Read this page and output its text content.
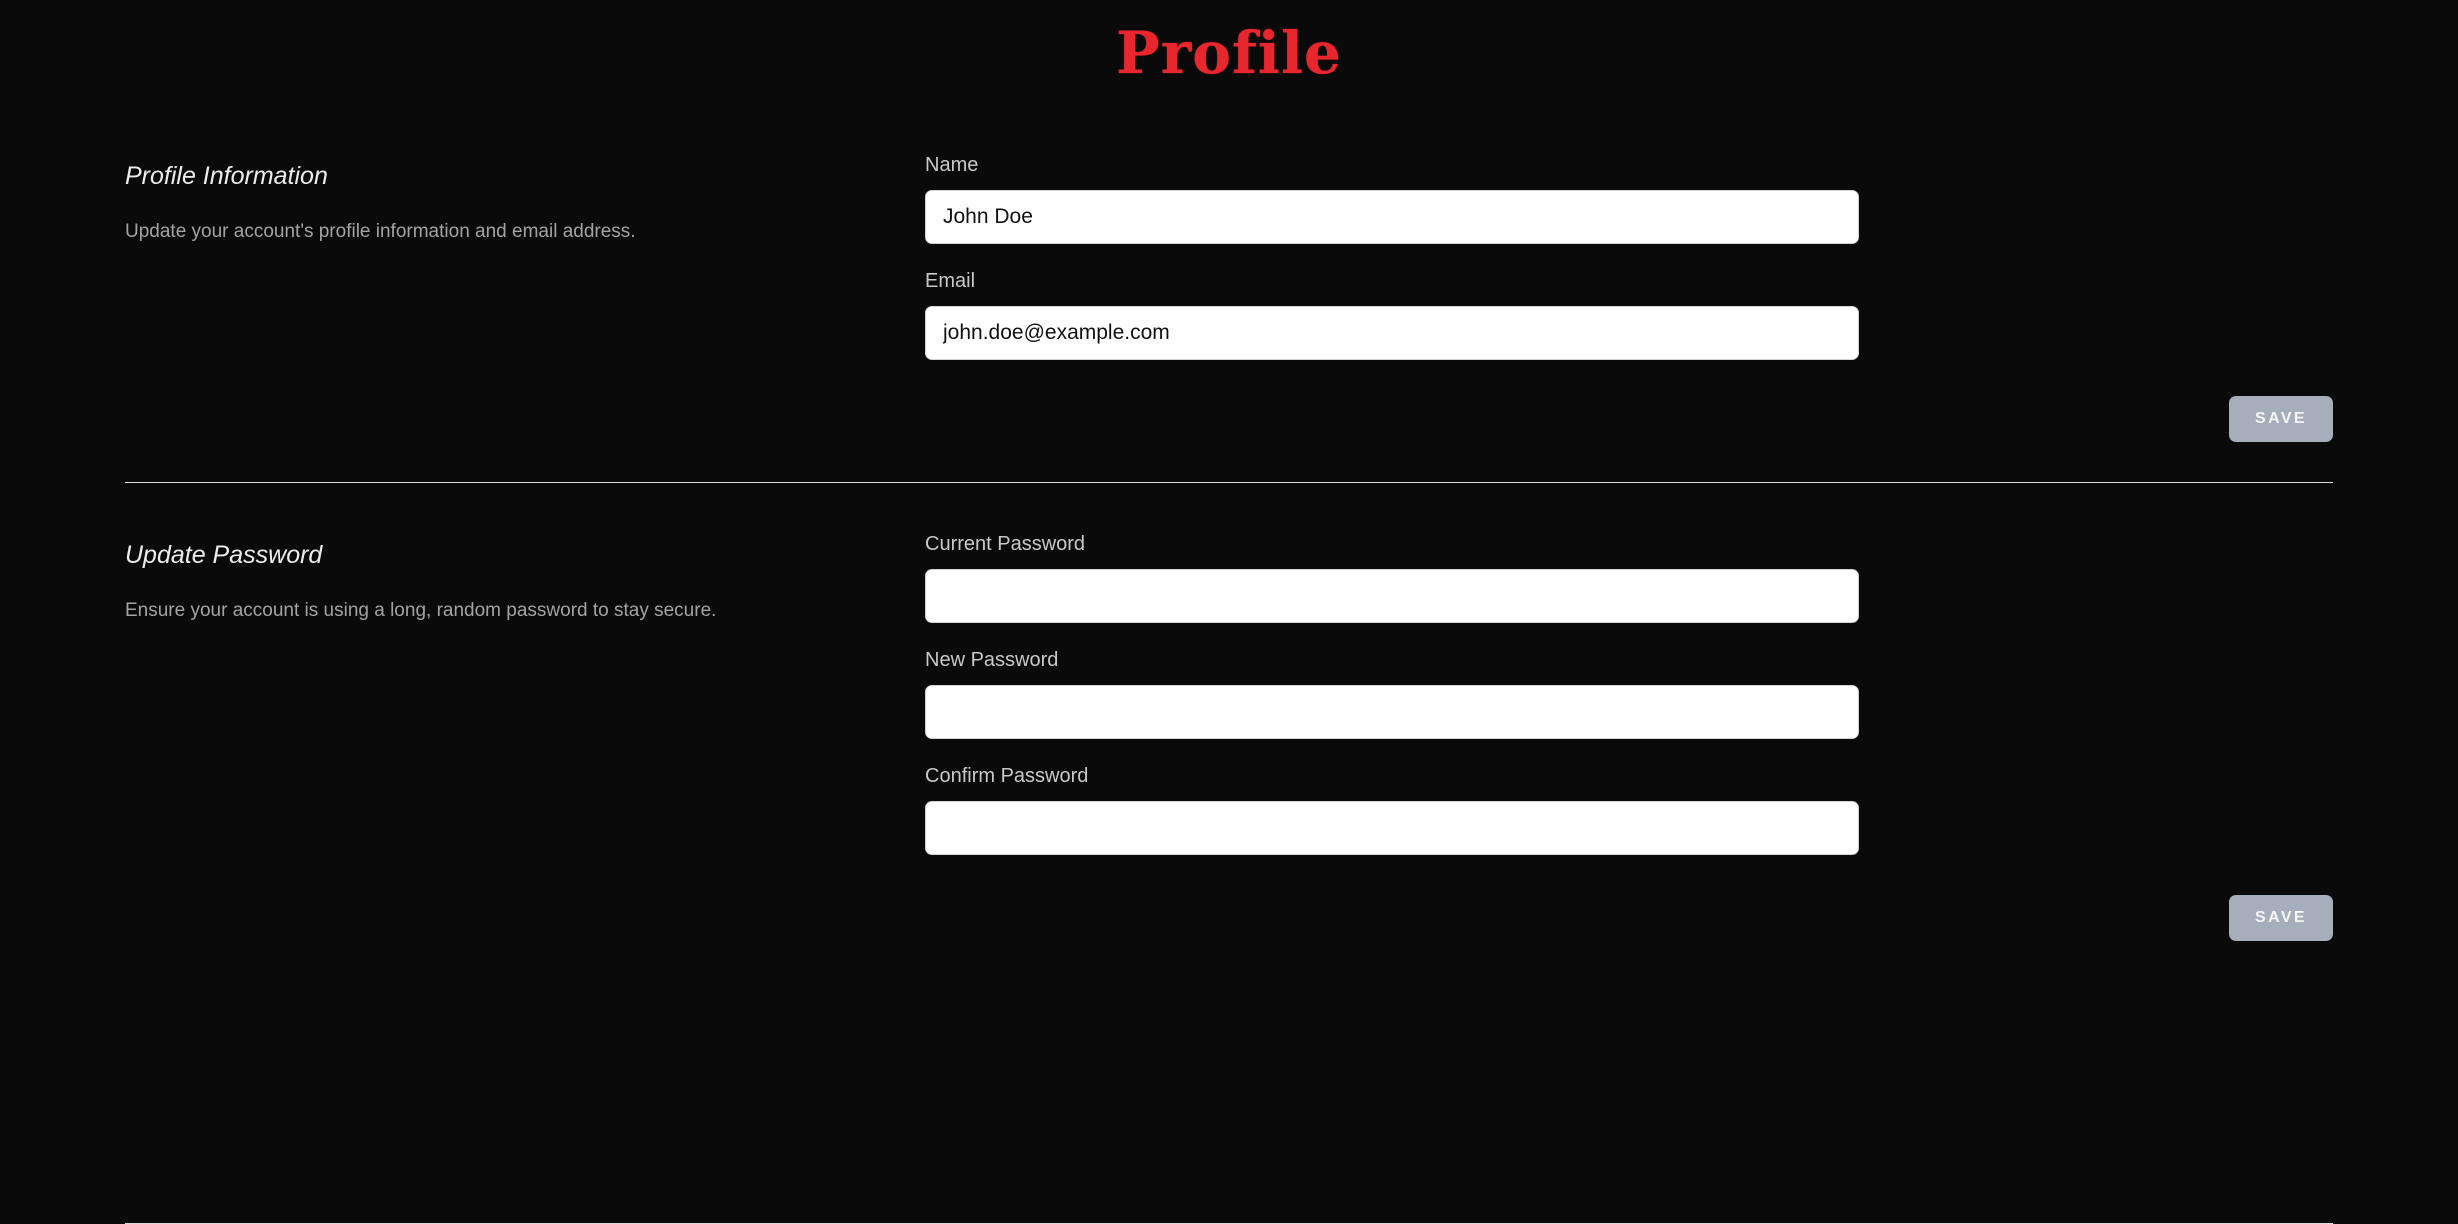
Profile
Profile Information

Update your account's profile information and email address.

Name
John Doe
Email
john.doe@example.com
SAVE
Update Password

Ensure your account is using a long, random password to stay secure.

Current Password
New Password
Confirm Password
SAVE
